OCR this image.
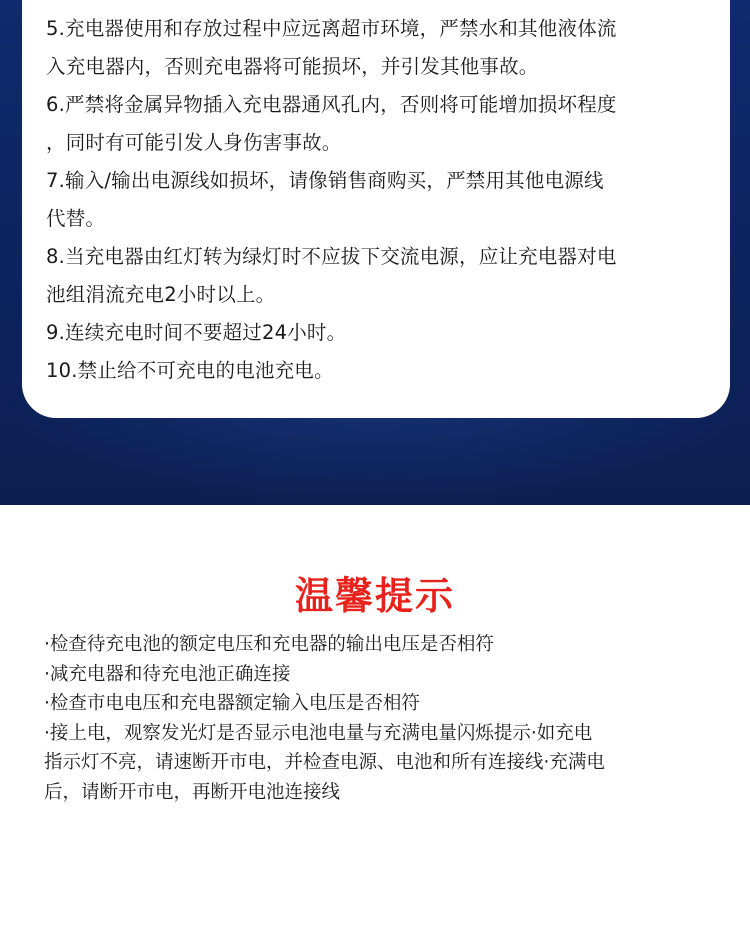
5.充电器使用和存放过程中应远离超市环境，严禁水和其他液体流
入充电器内，否则充电器将可能损坏，并引发其他事故。
6.严禁将金属异物插入充电器通风孔内，否则将可能增加损坏程度
，同时有可能引发人身伤害事故。
7.输入/输出电源线如损坏，请像销售商购买，严禁用其他电源线
代替。
8.当充电器由红灯转为绿灯时不应拔下交流电源，应让充电器对电
池组涓流充电2小时以上。
9.连续充电时间不要超过24小时。
10.禁止给不可充电的电池充电。
温馨提示
·检查待充电池的额定电压和充电器的输出电压是否相符
·减充电器和待充电池正确连接
·检查市电电压和充电器额定输入电压是否相符
·接上电，观察发光灯是否显示电池电量与充满电量闪烁提示·如充电
指示灯不亮，请速断开市电，并检查电源、电池和所有连接线·充满电
后，请断开市电，再断开电池连接线
